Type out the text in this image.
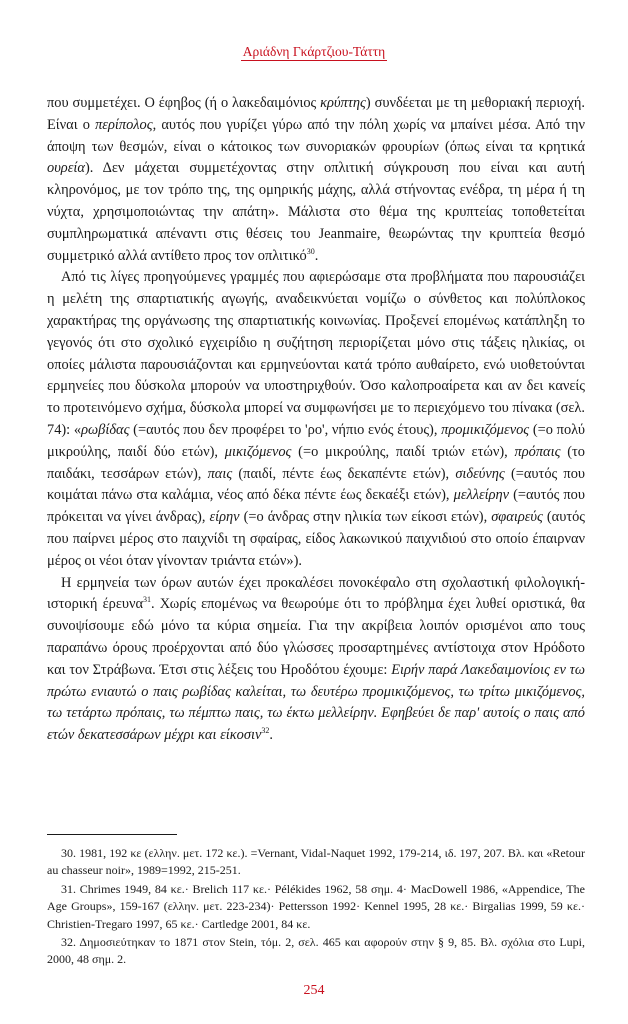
Αριάδνη Γκάρτζιου-Τάττη

που συμμετέχει. Ο έφηβος (ή ο λακεδαιμόνιος κρύπτης) συνδέεται με τη μεθοριακή περιοχή. Είναι ο περίπολος, αυτός που γυρίζει γύρω από την πόλη χωρίς να μπαίνει μέσα. Από την άποψη των θεσμών, είναι ο κάτοικος των συνοριακών φρουρίων (όπως είναι τα κρητικά ουρεία). Δεν μάχεται συμμετέχοντας στην οπλιτική σύγκρουση που είναι και αυτή κληρονόμος, με τον τρόπο της, της ομηρικής μάχης, αλλά στήνοντας ενέδρα, τη μέρα ή τη νύχτα, χρησιμοποιώντας την απάτη». Μάλιστα στο θέμα της κρυπτείας τοποθετείται συμπληρωματικά απέναντι στις θέσεις του Jeanmaire, θεωρώντας την κρυπτεία θεσμό συμμετρικό αλλά αντίθετο προς τον οπλιτικό$^{30}$.

Από τις λίγες προηγούμενες γραμμές που αφιερώσαμε στα προβλήματα που παρουσιάζει η μελέτη της σπαρτιατικής αγωγής, αναδεικνύεται νομίζω ο σύνθετος και πολύπλοκος χαρακτήρας της οργάνωσης της σπαρτιατικής κοινωνίας. Προξενεί επομένως κατάπληξη το γεγονός ότι στο σχολικό εγχειρίδιο η συζήτηση περιορίζεται μόνο στις τάξεις ηλικίας, οι οποίες μάλιστα παρουσιάζονται και ερμηνεύονται κατά τρόπο αυθαίρετο, ενώ υιοθετούνται ερμηνείες που δύσκολα μπορούν να υποστηριχθούν. Όσο καλοπροαίρετα και αν δει κανείς το προτεινόμενο σχήμα, δύσκολα μπορεί να συμφωνήσει με το περιεχόμενο του πίνακα (σελ. 74): «ρωβίδας (=αυτός που δεν προφέρει το 'ρο', νήπιο ενός έτους), προμικιζόμενος (=ο πολύ μικρούλης, παιδί δύο ετών), μικιζόμενος (=ο μικρούλης, παιδί τριών ετών), πρόπαις (το παιδάκι, τεσσάρων ετών), παις (παιδί, πέντε έως δεκαπέντε ετών), σιδεύνης (=αυτός που κοιμάται πάνω στα καλάμια, νέος από δέκα πέντε έως δεκαέξι ετών), μελλείρην (=αυτός που πρόκειται να γίνει άνδρας), είρην (=ο άνδρας στην ηλικία των είκοσι ετών), σφαιρεύς (αυτός που παίρνει μέρος στο παιχνίδι τη σφαίρας, είδος λακωνικού παιχνιδιού στο οποίο έπαιρναν μέρος οι νέοι όταν γίνονταν τριάντα ετών»).

Η ερμηνεία των όρων αυτών έχει προκαλέσει πονοκέφαλο στη σχολαστική φιλολογική-ιστορική έρευνα$^{31}$. Χωρίς επομένως να θεωρούμε ότι το πρόβλημα έχει λυθεί οριστικά, θα συνοψίσουμε εδώ μόνο τα κύρια σημεία. Για την ακρίβεια λοιπόν ορισμένοι απο τους παραπάνω όρους προέρχονται από δύο γλώσσες προσαρτημένες αντίστοιχα στον Ηρόδοτο και τον Στράβωνα. Έτσι στις λέξεις του Ηροδότου έχουμε: Ειρήν παρά Λακεδαιμονίοις εν τω πρώτω ενιαυτώ ο παις ρωβίδας καλείται, τω δευτέρω προμικιζόμενος, τω τρίτω μικιζόμενος, τω τετάρτω πρόπαις, τω πέμπτω παις, τω έκτω μελλείρην. Εφηβεύει δε παρ' αυτοίς ο παις από ετών δεκατεσσάρων μέχρι και είκοσιν$^{32}$.

30. 1981, 192 κε (ελλην. μετ. 172 κε.). =Vernant, Vidal-Naquet 1992, 179-214, ιδ. 197, 207. Βλ. και «Retour au chasseur noir», 1989=1992, 215-251.

31. Chrimes 1949, 84 κε.· Brelich 117 κε.· Pélékides 1962, 58 σημ. 4· MacDowell 1986, «Appendice, The Age Groups», 159-167 (ελλην. μετ. 223-234)· Pettersson 1992· Kennel 1995, 28 κε.· Birgalias 1999, 59 κε.· Christien-Tregaro 1997, 65 κε.· Cartledge 2001, 84 κε.

32. Δημοσιεύτηκαν το 1871 στον Stein, τόμ. 2, σελ. 465 και αφορούν στην § 9, 85. Βλ. σχόλια στο Lupi, 2000, 48 σημ. 2.

254
